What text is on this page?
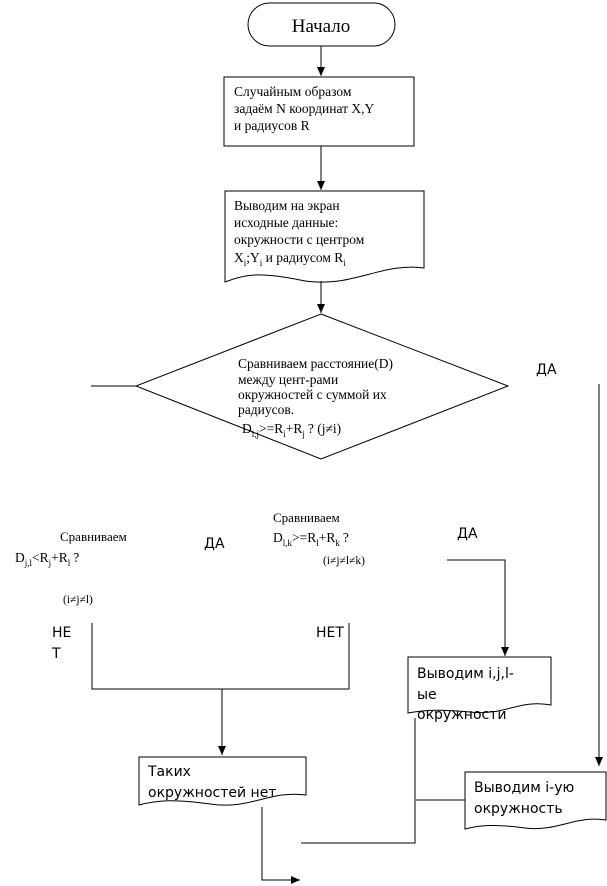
Начало
Случайным образом
задаём N координат X,Y
и радиусов R
Выводим на экран
исходные данные:
окружности с центром
$X_i;Y_i$ и радиусом $R_i$
Сравниваем расстояние(D)
между цент-рами
окружностей с суммой их
радиусов.
$D_{i,j}>=R_i+R_j$ ? (j≠i)
ДА
Сравниваем
$D_{j,l}<R_j+R_l$ ?
(i≠j≠l)
ДА
НЕ
Т
Сравниваем
$D_{l,k}>=R_l+R_k$ ?
(i≠j≠l≠k)
ДА
НЕТ
Выводим i,j,l-
ые
окружности
Таких
окружностей нет	Выводим i-ую
окружность
